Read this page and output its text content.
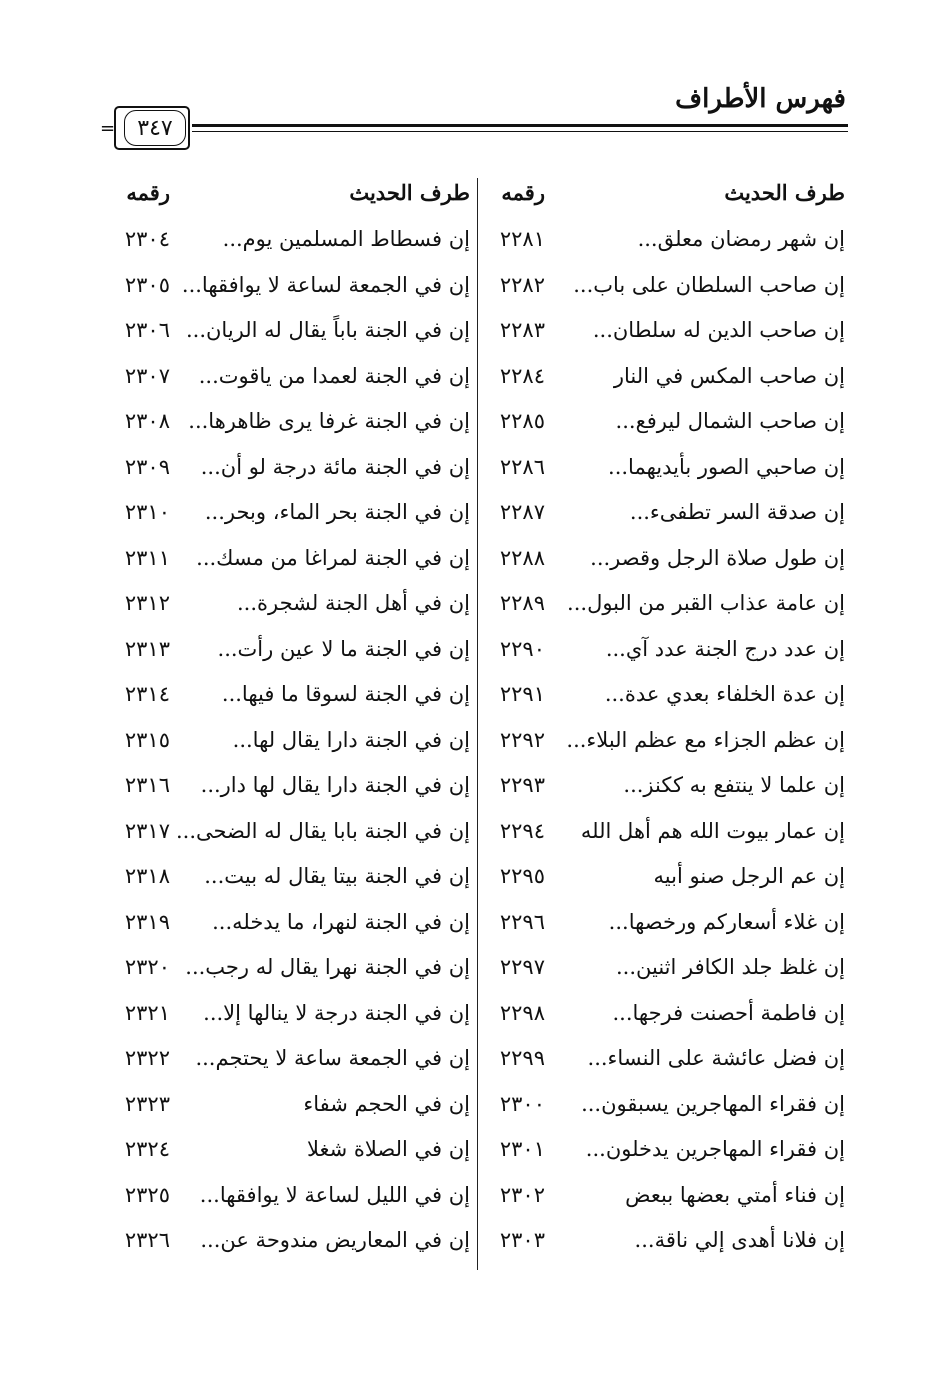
فهرس الأطراف
=	٣٤٧
طرف الحديث
رقمه
طرف الحديث
رقمه
إن شهر رمضان معلق...
٢٢٨١
إن صاحب السلطان على باب...
٢٢٨٢
إن صاحب الدين له سلطان...
٢٢٨٣
إن صاحب المكس في النار
٢٢٨٤
إن صاحب الشمال ليرفع...
٢٢٨٥
إن صاحبي الصور بأيديهما...
٢٢٨٦
إن صدقة السر تطفىء...
٢٢٨٧
إن طول صلاة الرجل وقصر...
٢٢٨٨
إن عامة عذاب القبر من البول...
٢٢٨٩
إن عدد درج الجنة عدد آي...
٢٢٩٠
إن عدة الخلفاء بعدي عدة...
٢٢٩١
إن عظم الجزاء مع عظم البلاء...
٢٢٩٢
إن علما لا ينتفع به ككنز...
٢٢٩٣
إن عمار بيوت الله هم أهل الله
٢٢٩٤
إن عم الرجل صنو أبيه
٢٢٩٥
إن غلاء أسعاركم ورخصها...
٢٢٩٦
إن غلظ جلد الكافر اثنين...
٢٢٩٧
إن فاطمة أحصنت فرجها...
٢٢٩٨
إن فضل عائشة على النساء...
٢٢٩٩
إن فقراء المهاجرين يسبقون...
٢٣٠٠
إن فقراء المهاجرين يدخلون...
٢٣٠١
إن فناء أمتي بعضها ببعض
٢٣٠٢
إن فلانا أهدى إلي ناقة...
٢٣٠٣
إن فسطاط المسلمين يوم...
٢٣٠٤
إن في الجمعة لساعة لا يوافقها...
٢٣٠٥
إن في الجنة باباً يقال له الريان...
٢٣٠٦
إن في الجنة لعمدا من ياقوت...
٢٣٠٧
إن في الجنة غرفا يرى ظاهرها...
٢٣٠٨
إن في الجنة مائة درجة لو أن...
٢٣٠٩
إن في الجنة بحر الماء، وبحر...
٢٣١٠
إن في الجنة لمراغا من مسك...
٢٣١١
إن في أهل الجنة لشجرة...
٢٣١٢
إن في الجنة ما لا عين رأت...
٢٣١٣
إن في الجنة لسوقا ما فيها...
٢٣١٤
إن في الجنة دارا يقال لها...
٢٣١٥
إن في الجنة دارا يقال لها دار...
٢٣١٦
إن في الجنة بابا يقال له الضحى...
٢٣١٧
إن في الجنة بيتا يقال له بيت...
٢٣١٨
إن في الجنة لنهرا، ما يدخله...
٢٣١٩
إن في الجنة نهرا يقال له رجب...
٢٣٢٠
إن في الجنة درجة لا ينالها إلا...
٢٣٢١
إن في الجمعة ساعة لا يحتجم...
٢٣٢٢
إن في الحجم شفاء
٢٣٢٣
إن في الصلاة شغلا
٢٣٢٤
إن في الليل لساعة لا يوافقها...
٢٣٢٥
إن في المعاريض مندوحة عن...
٢٣٢٦
